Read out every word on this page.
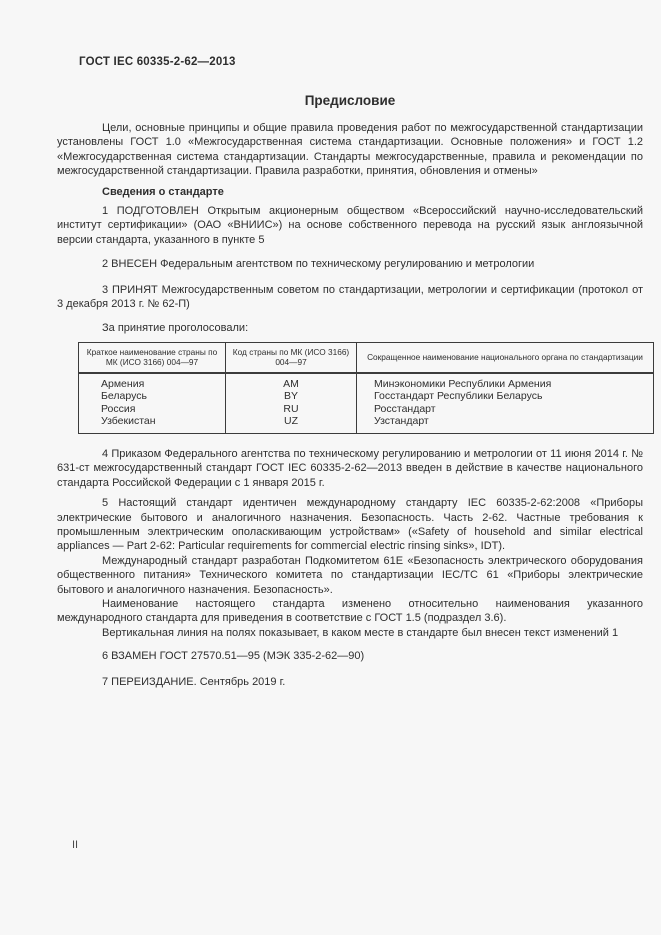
ГОСТ IEC 60335-2-62—2013
Предисловие

Цели, основные принципы и общие правила проведения работ по межгосударственной стандартизации установлены ГОСТ 1.0 «Межгосударственная система стандартизации. Основные положения» и ГОСТ 1.2 «Межгосударственная система стандартизации. Стандарты межгосударственные, правила и рекомендации по межгосударственной стандартизации. Правила разработки, принятия, обновления и отмены»

Сведения о стандарте

1 ПОДГОТОВЛЕН Открытым акционерным обществом «Всероссийский научно-исследовательский институт сертификации» (ОАО «ВНИИС») на основе собственного перевода на русский язык англоязычной версии стандарта, указанного в пункте 5

2 ВНЕСЕН Федеральным агентством по техническому регулированию и метрологии

3 ПРИНЯТ Межгосударственным советом по стандартизации, метрологии и сертификации (протокол от 3 декабря 2013 г. № 62-П)

За принятие проголосовали:

Краткое наименование страны по МК (ИСО 3166) 004—97	Код страны по МК (ИСО 3166) 004—97	Сокращенное наименование национального органа по стандартизации
Армения	AM	Минэкономики Республики Армения
Беларусь	BY	Госстандарт Республики Беларусь
Россия	RU	Росстандарт
Узбекистан	UZ	Узстандарт

4 Приказом Федерального агентства по техническому регулированию и метрологии от 11 июня 2014 г. № 631-ст межгосударственный стандарт ГОСТ IEC 60335-2-62—2013 введен в действие в качестве национального стандарта Российской Федерации с 1 января 2015 г.

5 Настоящий стандарт идентичен международному стандарту IEC 60335-2-62:2008 «Приборы электрические бытового и аналогичного назначения. Безопасность. Часть 2-62. Частные требования к промышленным электрическим ополаскивающим устройствам» («Safety of household and similar electrical appliances — Part 2-62: Particular requirements for commercial electric rinsing sinks», IDT).

Международный стандарт разработан Подкомитетом 61Е «Безопасность электрического оборудования общественного питания» Технического комитета по стандартизации IEC/ТС 61 «Приборы электрические бытового и аналогичного назначения. Безопасность».

Наименование настоящего стандарта изменено относительно наименования указанного международного стандарта для приведения в соответствие с ГОСТ 1.5 (подраздел 3.6).

Вертикальная линия на полях показывает, в каком месте в стандарте был внесен текст изменений 1

6 ВЗАМЕН ГОСТ 27570.51—95 (МЭК 335-2-62—90)

7 ПЕРЕИЗДАНИЕ. Сентябрь 2019 г.

II
